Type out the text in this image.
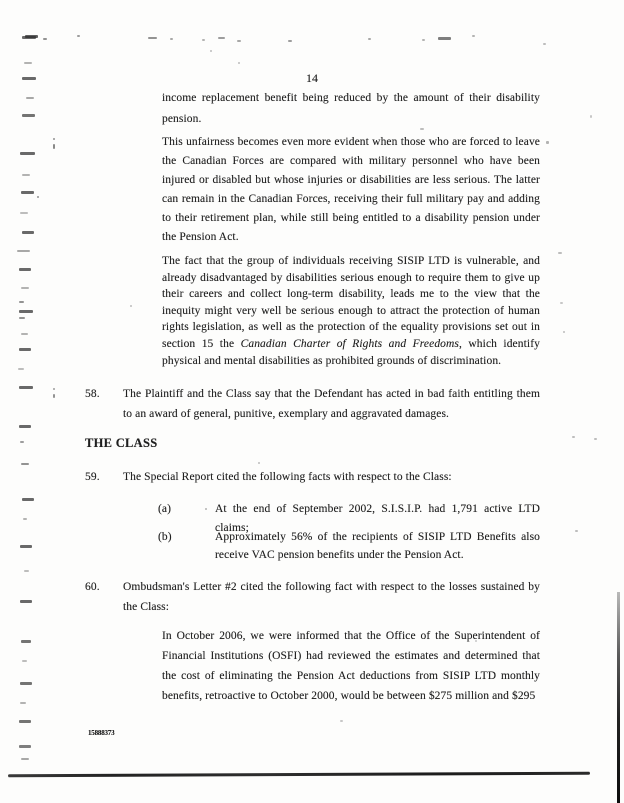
14
income replacement benefit being reduced by the amount of their disability pension.
This unfairness becomes even more evident when those who are forced to leave the Canadian Forces are compared with military personnel who have been injured or disabled but whose injuries or disabilities are less serious. The latter can remain in the Canadian Forces, receiving their full military pay and adding to their retirement plan, while still being entitled to a disability pension under the Pension Act.
The fact that the group of individuals receiving SISIP LTD is vulnerable, and already disadvantaged by disabilities serious enough to require them to give up their careers and collect long-term disability, leads me to the view that the inequity might very well be serious enough to attract the protection of human rights legislation, as well as the protection of the equality provisions set out in section 15 the Canadian Charter of Rights and Freedoms, which identify physical and mental disabilities as prohibited grounds of discrimination.
58. The Plaintiff and the Class say that the Defendant has acted in bad faith entitling them to an award of general, punitive, exemplary and aggravated damages.
THE CLASS
59. The Special Report cited the following facts with respect to the Class:
(a)	At the end of September 2002, S.I.S.I.P. had 1,791 active LTD claims;
(b)	Approximately 56% of the recipients of SISIP LTD Benefits also receive VAC pension benefits under the Pension Act.
60. Ombudsman's Letter #2 cited the following fact with respect to the losses sustained by the Class:
In October 2006, we were informed that the Office of the Superintendent of Financial Institutions (OSFI) had reviewed the estimates and determined that the cost of eliminating the Pension Act deductions from SISIP LTD monthly benefits, retroactive to October 2000, would be between $275 million and $295
15888373
